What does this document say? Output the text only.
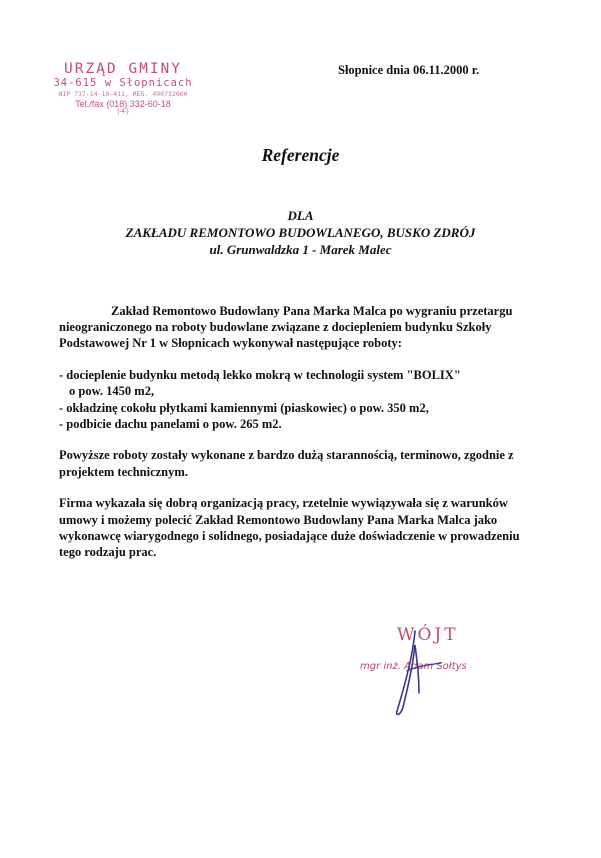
URZĄD GMINY
34-615 w Słopnicach
NIP 737-14-10-411, REG. 490732060
Tel./fax (018) 332-60-18
(-4-)
Słopnice dnia 06.11.2000 r.
Referencje
DLA
ZAKŁADU REMONTOWO BUDOWLANEGO, BUSKO ZDRÓJ
ul. Grunwaldzka 1 - Marek Malec

Zakład Remontowo Budowlany Pana Marka Malca po wygraniu przetargu

nieograniczonego na roboty budowlane związane z dociepleniem budynku Szkoły

Podstawowej Nr 1 w Słopnicach wykonywał następujące roboty:

- docieplenie budynku metodą lekko mokrą w technologii system "BOLIX"
o pow. 1450 m2,
- okładzinę cokołu płytkami kamiennymi (piaskowiec) o pow. 350 m2,
- podbicie dachu panelami o pow. 265 m2.

Powyższe roboty zostały wykonane z bardzo dużą starannością, terminowo, zgodnie z

projektem technicznym.

Firma wykazała się dobrą organizacją pracy, rzetelnie wywiązywała się z warunków

umowy i możemy polecić Zakład Remontowo Budowlany Pana Marka Malca jako

wykonawcę wiarygodnego i solidnego, posiadające duże doświadczenie w prowadzeniu

tego rodzaju prac.

WÓJT
mgr inż. Adam Sołtys
